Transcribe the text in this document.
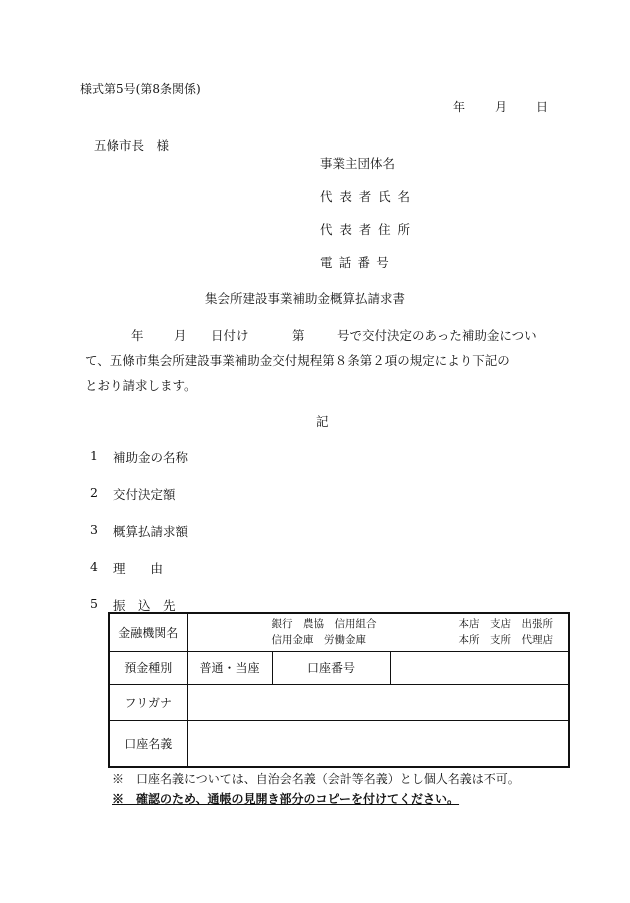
様式第5号(第8条関係)
年 月 日
五條市長　様
事業主団体名
代表者氏名
代表者住所
電話番号
集会所建設事業補助金概算払請求書
年 月 日付け	第	号で交付決定のあった補助金につい
て、五條市集会所建設事業補助金交付規程第８条第２項の規定により下記の
とおり請求します。
記
1 補助金の名称
2 交付決定額
3 概算払請求額
4 理　　由
5 振　込　先
金融機関名	銀行　農協　信用組合
信用金庫　労働金庫
本店　支店　出張所
本所　支所　代理店		

預金種別	普通・当座	口座番号	
フリガナ			
口座名義			
※　口座名義については、自治会名義（会計等名義）とし個人名義は不可。
※　確認のため、通帳の見開き部分のコピーを付けてください。
